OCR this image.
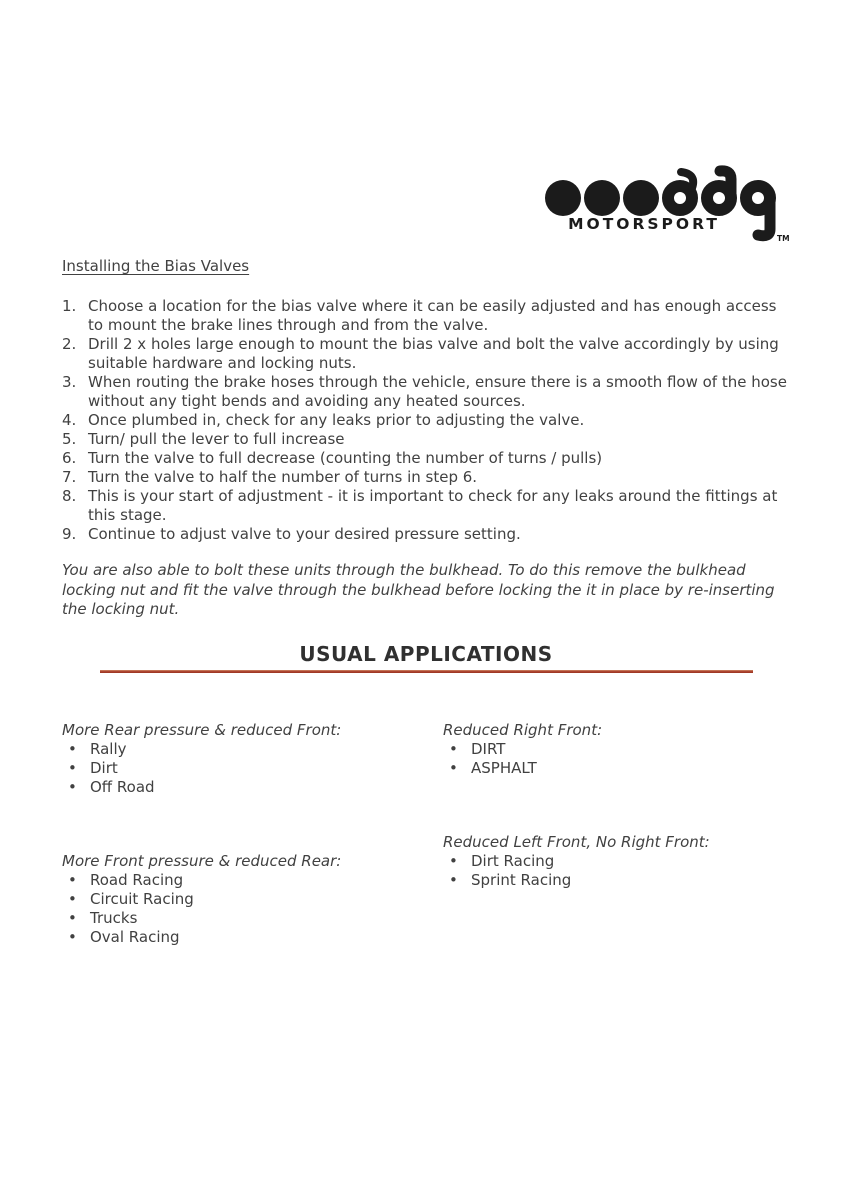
MOTORSPORT
TM
Installing the Bias Valves
Choose a location for the bias valve where it can be easily adjusted and has enough access to mount the brake lines through and from the valve.
Drill 2 x holes large enough to mount the bias valve and bolt the valve accordingly by using suitable hardware and locking nuts.
When routing the brake hoses through the vehicle, ensure there is a smooth flow of the hose without any tight bends and avoiding any heated sources.
Once plumbed in, check for any leaks prior to adjusting the valve.
Turn/ pull the lever to full increase
Turn the valve to full decrease (counting the number of turns / pulls)
Turn the valve to half the number of turns in step 6.
This is your start of adjustment - it is important to check for any leaks around the fittings at this stage.
Continue to adjust valve to your desired pressure setting.

You are also able to bolt these units through the bulkhead. To do this remove the bulkhead locking nut and fit the valve through the bulkhead before locking the it in place by re-inserting the locking nut.

USUAL APPLICATIONS

More Rear pressure & reduced Front:

• Rally
• Dirt
• Off Road

Reduced Right Front:

• DIRT
• ASPHALT

More Front pressure & reduced Rear:

• Road Racing
• Circuit Racing
• Trucks
• Oval Racing

Reduced Left Front, No Right Front:

• Dirt Racing
• Sprint Racing
